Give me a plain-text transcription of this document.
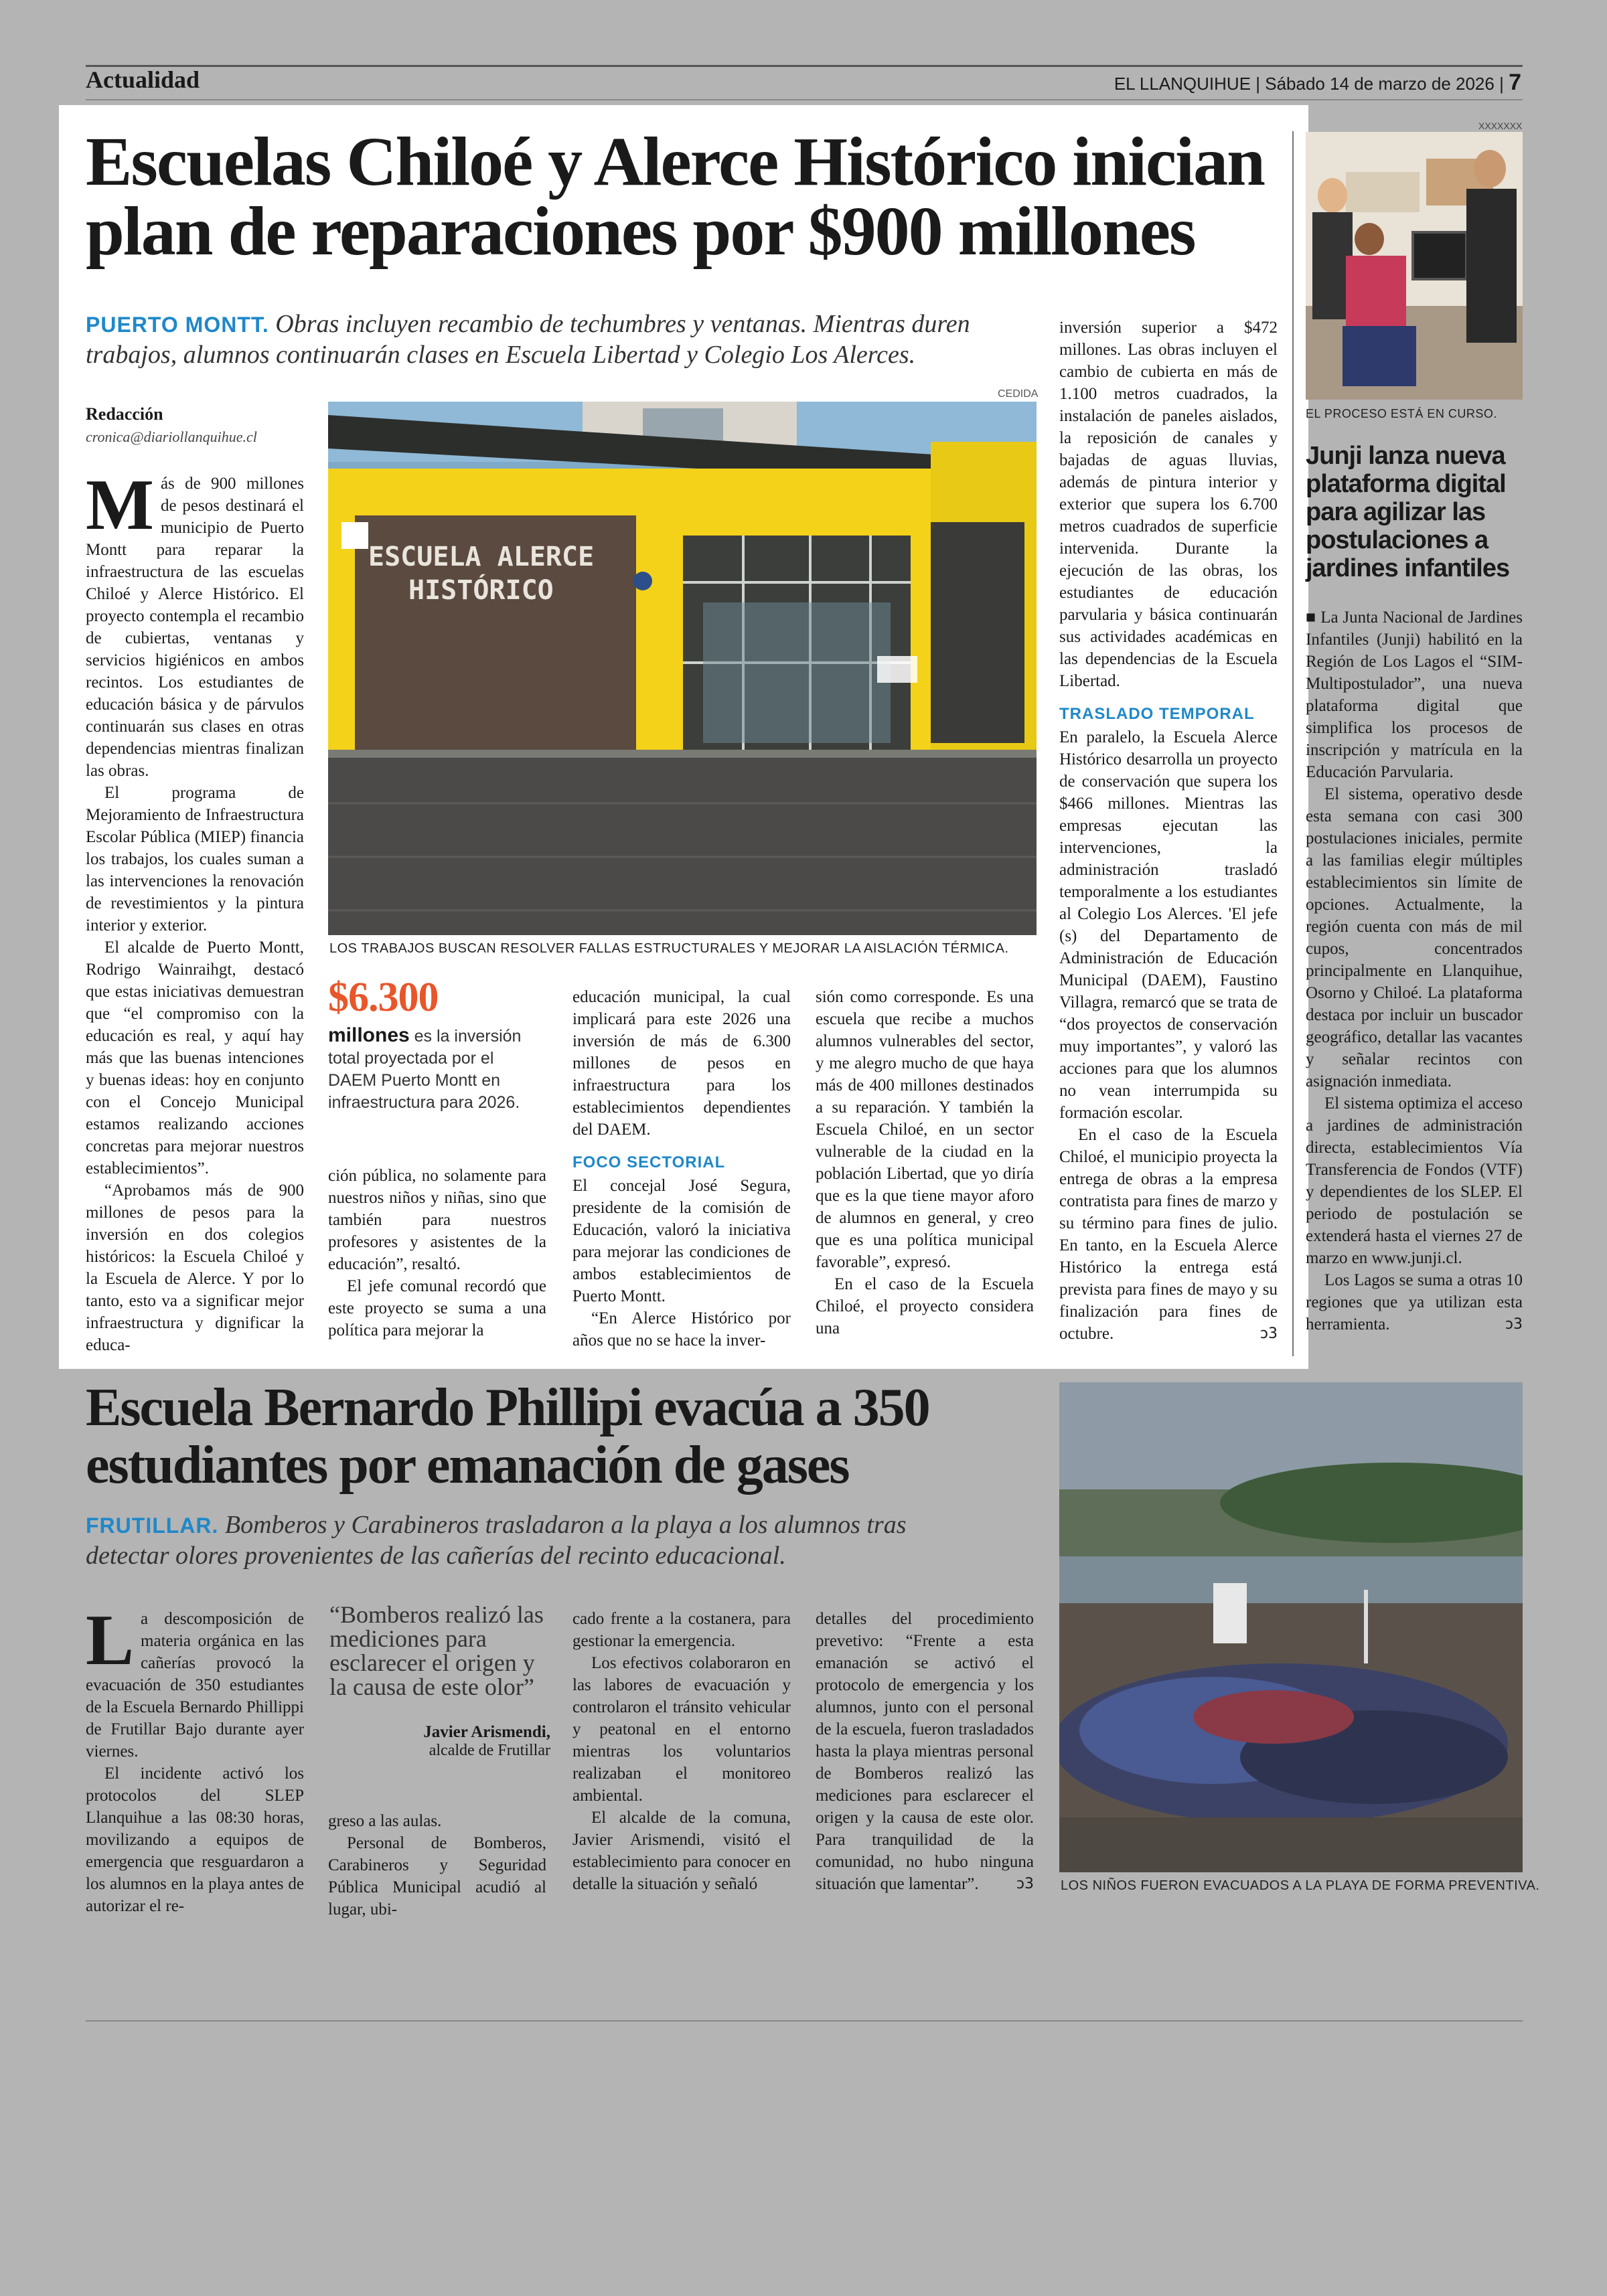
Actualidad	EL LLANQUIHUE | Sábado 14 de marzo de 2026 | 7
Escuelas Chiloé y Alerce Histórico inician
plan de reparaciones por $900 millones
PUERTO MONTT. Obras incluyen recambio de techumbres y ventanas. Mientras duren trabajos, alumnos continuarán clases en Escuela Libertad y Colegio Los Alerces.
Redacción
cronica@diariollanquihue.cl
CEDIDA
ESCUELA ALERCE
HISTÓRICO
LOS TRABAJOS BUSCAN RESOLVER FALLAS ESTRUCTURALES Y MEJORAR LA AISLACIÓN TÉRMICA.

Más de 900 millones de pesos destinará el municipio de Puerto Montt para reparar la infraestructura de las escuelas Chiloé y Alerce Histórico. El proyecto contempla el recambio de cubiertas, ventanas y servicios higiénicos en ambos recintos. Los estudiantes de educación básica y de párvulos continuarán sus clases en otras dependencias mientras finalizan las obras.

El programa de Mejoramiento de Infraestructura Escolar Pública (MIEP) financia los trabajos, los cuales suman a las intervenciones la renovación de revestimientos y la pintura interior y exterior.

El alcalde de Puerto Montt, Rodrigo Wainraihgt, destacó que estas iniciativas demuestran que “el compromiso con la educación es real, y aquí hay más que las buenas intenciones y buenas ideas: hoy en conjunto con el Concejo Municipal estamos realizando acciones concretas para mejorar nuestros establecimientos”.

“Aprobamos más de 900 millones de pesos para la inversión en dos colegios históricos: la Escuela Chiloé y la Escuela de Alerce. Y por lo tanto, esto va a significar mejor infraestructura y dignificar la educa-

$6.300
millones es la inversión total proyectada por el DAEM Puerto Montt en infraestructura para 2026.

ción pública, no solamente para nuestros niños y niñas, sino que también para nuestros profesores y asistentes de la educación”, resaltó.

El jefe comunal recordó que este proyecto se suma a una política para mejorar la

educación municipal, la cual implicará para este 2026 una inversión de más de 6.300 millones de pesos en infraestructura para los establecimientos dependientes del DAEM.

FOCO SECTORIAL

El concejal José Segura, presidente de la comisión de Educación, valoró la iniciativa para mejorar las condiciones de ambos establecimientos de Puerto Montt.

“En Alerce Histórico por años que no se hace la inver-

sión como corresponde. Es una escuela que recibe a muchos alumnos vulnerables del sector, y me alegro mucho de que haya más de 400 millones destinados a su reparación. Y también la Escuela Chiloé, en un sector vulnerable de la ciudad en la población Libertad, que yo diría que es la que tiene mayor aforo de alumnos en general, y creo que es una política municipal favorable”, expresó.

En el caso de la Escuela Chiloé, el proyecto considera una

inversión superior a $472 millones. Las obras incluyen el cambio de cubierta en más de 1.100 metros cuadrados, la instalación de paneles aislados, la reposición de canales y bajadas de aguas lluvias, además de pintura interior y exterior que supera los 6.700 metros cuadrados de superficie intervenida. Durante la ejecución de las obras, los estudiantes de educación parvularia y básica continuarán sus actividades académicas en las dependencias de la Escuela Libertad.

TRASLADO TEMPORAL

En paralelo, la Escuela Alerce Histórico desarrolla un proyecto de conservación que supera los $466 millones. Mientras las empresas ejecutan las intervenciones, la administración trasladó temporalmente a los estudiantes al Colegio Los Alerces. 'El jefe (s) del Departamento de Administración de Educación Municipal (DAEM), Faustino Villagra, remarcó que se trata de “dos proyectos de conservación muy importantes”, y valoró las acciones para que los alumnos no vean interrumpida su formación escolar.

En el caso de la Escuela Chiloé, el municipio proyecta la entrega de obras a la empresa contratista para fines de marzo y su término para fines de julio. En tanto, en la Escuela Alerce Histórico la entrega está prevista para fines de mayo y su finalización para fines de octubre.	ↄ3

XXXXXXX
EL PROCESO ESTÁ EN CURSO.
Junji lanza nueva plataforma digital para agilizar las postulaciones a jardines infantiles

■ La Junta Nacional de Jardines Infantiles (Junji) habilitó en la Región de Los Lagos el “SIM-Multipostulador”, una nueva plataforma digital que simplifica los procesos de inscripción y matrícula en la Educación Parvularia.

El sistema, operativo desde esta semana con casi 300 postulaciones iniciales, permite a las familias elegir múltiples establecimientos sin límite de opciones. Actualmente, la región cuenta con más de mil cupos, concentrados principalmente en Llanquihue, Osorno y Chiloé. La plataforma destaca por incluir un buscador geográfico, detallar las vacantes y señalar recintos con asignación inmediata.

El sistema optimiza el acceso a jardines de administración directa, establecimientos Vía Transferencia de Fondos (VTF) y dependientes de los SLEP. El periodo de postulación se extenderá hasta el viernes 27 de marzo en www.junji.cl.

Los Lagos se suma a otras 10 regiones que ya utilizan esta herramienta.	ↄ3

Escuela Bernardo Phillipi evacúa a 350
estudiantes por emanación de gases
FRUTILLAR. Bomberos y Carabineros trasladaron a la playa a los alumnos tras detectar olores provenientes de las cañerías del recinto educacional.

La descomposición de materia orgánica en las cañerías provocó la evacuación de 350 estudiantes de la Escuela Bernardo Phillippi de Frutillar Bajo durante ayer viernes.

El incidente activó los protocolos del SLEP Llanquihue a las 08:30 horas, movilizando a equipos de emergencia que resguardaron a los alumnos en la playa antes de autorizar el re-

“Bomberos realizó las mediciones para esclarecer el origen y la causa de este olor”
Javier Arismendi,
alcalde de Frutillar

greso a las aulas.

Personal de Bomberos, Carabineros y Seguridad Pública Municipal acudió al lugar, ubi-

cado frente a la costanera, para gestionar la emergencia.

Los efectivos colaboraron en las labores de evacuación y controlaron el tránsito vehicular y peatonal en el entorno mientras los voluntarios realizaban el monitoreo ambiental.

El alcalde de la comuna, Javier Arismendi, visitó el establecimiento para conocer en detalle la situación y señaló

detalles del procedimiento prevetivo: “Frente a esta emanación se activó el protocolo de emergencia y los alumnos, junto con el personal de la escuela, fueron trasladados hasta la playa mientras personal de Bomberos realizó las mediciones para esclarecer el origen y la causa de este olor. Para tranquilidad de la comunidad, no hubo ninguna situación que lamentar”.	ↄ3 LOS NIÑOS FUERON EVACUADOS A LA PLAYA DE FORMA PREVENTIVA.
